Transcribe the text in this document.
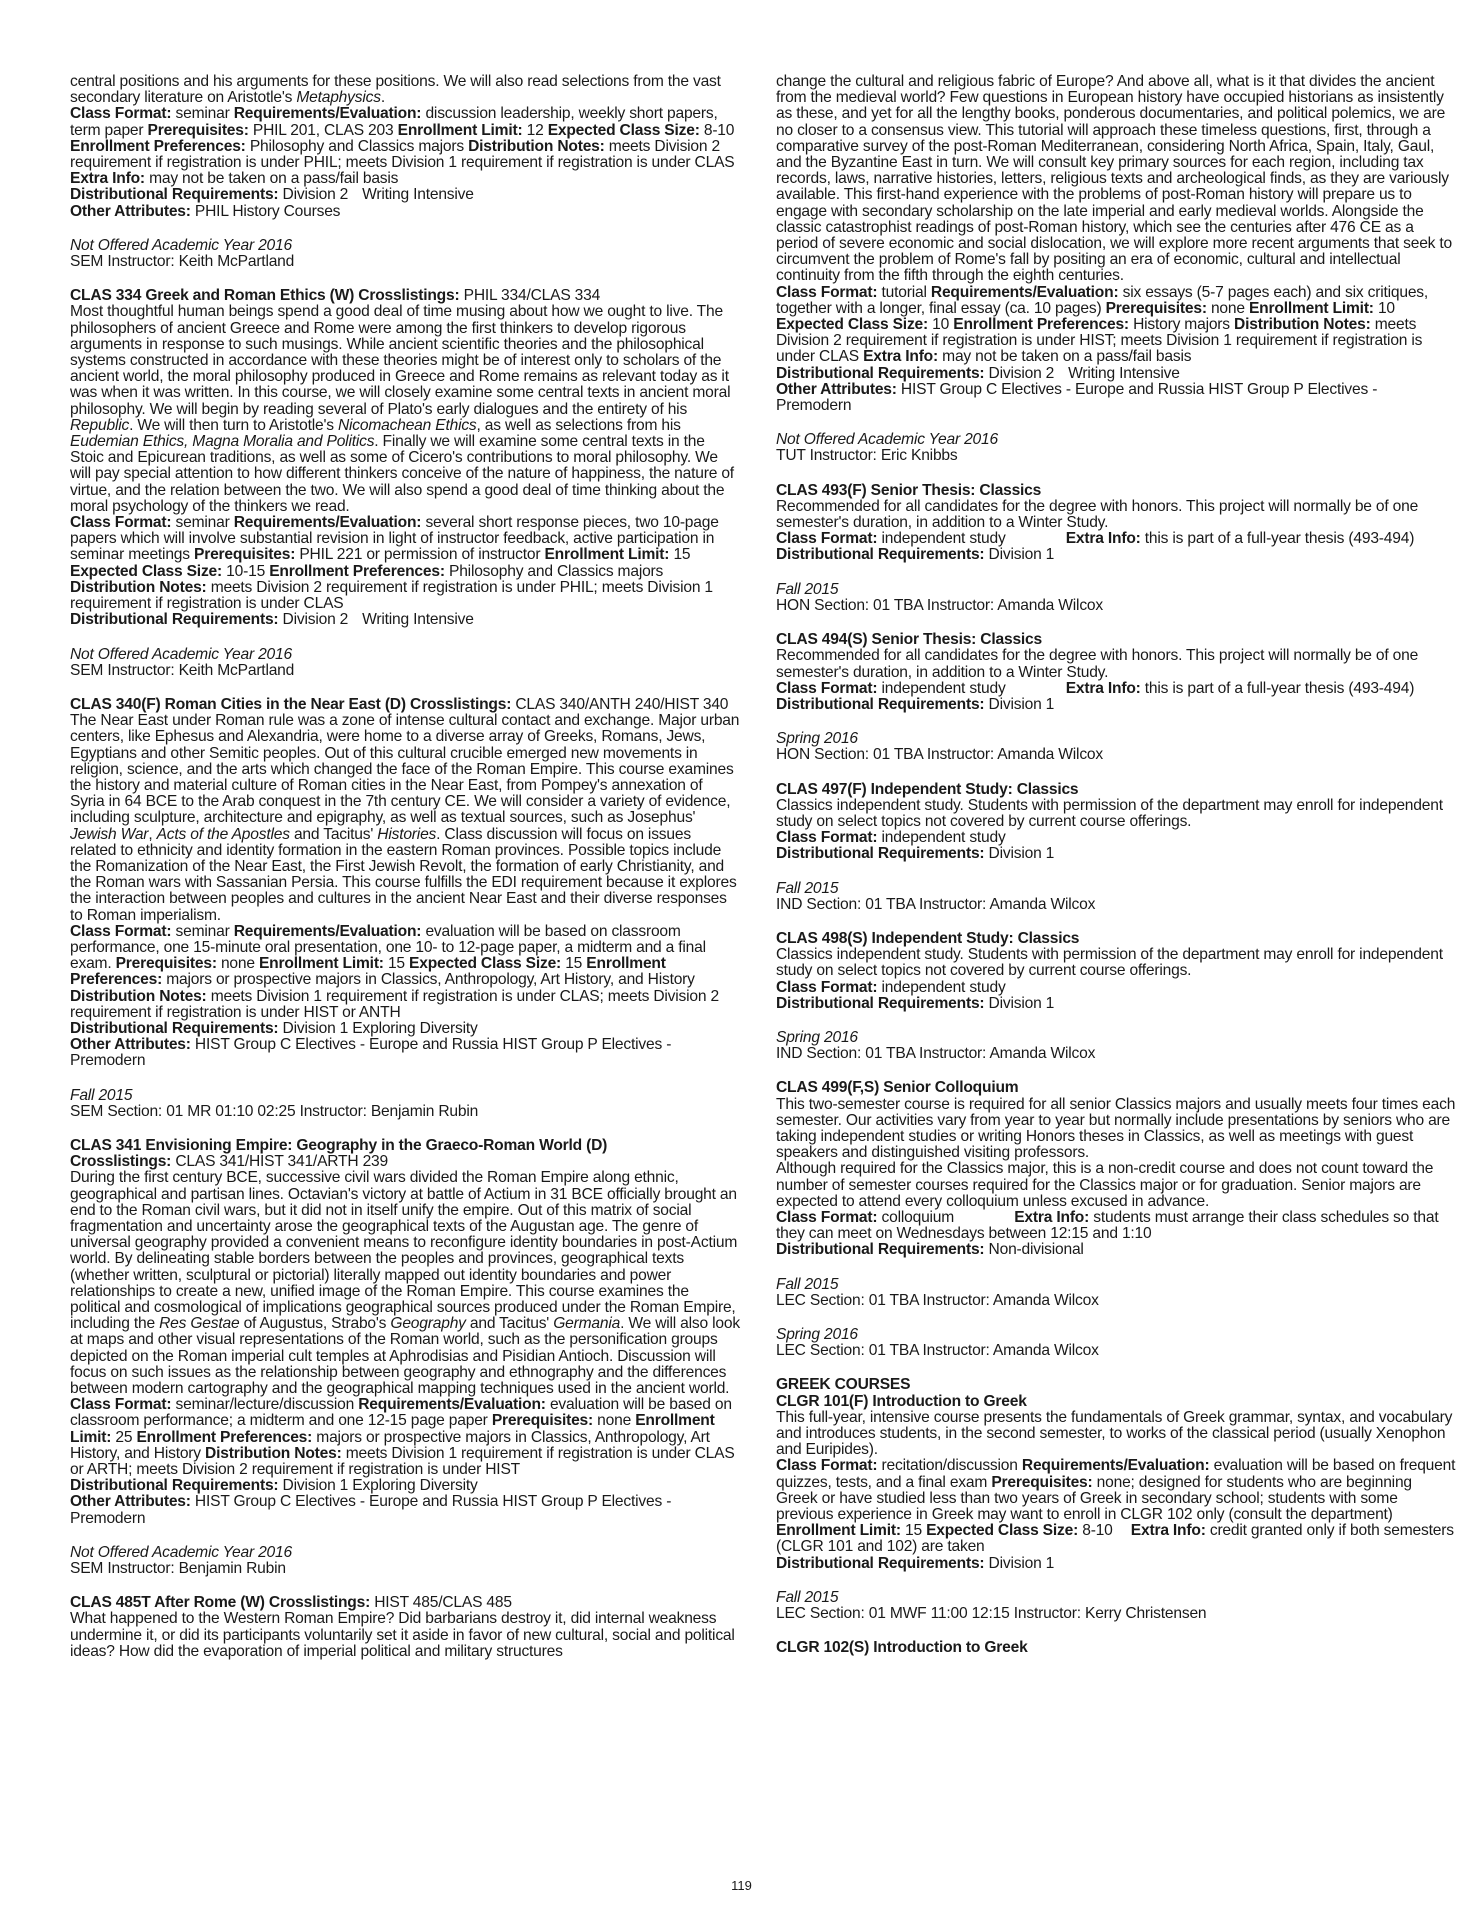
central positions and his arguments for these positions. We will also read selections from the vast secondary literature on Aristotle's Metaphysics.
Class Format: seminar Requirements/Evaluation: discussion leadership, weekly short papers, term paper Prerequisites: PHIL 201, CLAS 203 Enrollment Limit: 12 Expected Class Size: 8-10 Enrollment Preferences: Philosophy and Classics majors Distribution Notes: meets Division 2 requirement if registration is under PHIL; meets Division 1 requirement if registration is under CLAS Extra Info: may not be taken on a pass/fail basis
Distributional Requirements: Division 2 Writing Intensive
Other Attributes: PHIL History Courses
Not Offered Academic Year 2016
SEM Instructor: Keith McPartland
CLAS 334 Greek and Roman Ethics (W) Crosslistings: PHIL 334/CLAS 334
Most thoughtful human beings spend a good deal of time musing about how we ought to live. The philosophers of ancient Greece and Rome were among the first thinkers to develop rigorous arguments in response to such musings. While ancient scientific theories and the philosophical systems constructed in accordance with these theories might be of interest only to scholars of the ancient world, the moral philosophy produced in Greece and Rome remains as relevant today as it was when it was written. In this course, we will closely examine some central texts in ancient moral philosophy. We will begin by reading several of Plato's early dialogues and the entirety of his Republic. We will then turn to Aristotle's Nicomachean Ethics, as well as selections from his Eudemian Ethics, Magna Moralia and Politics. Finally we will examine some central texts in the Stoic and Epicurean traditions, as well as some of Cicero's contributions to moral philosophy. We will pay special attention to how different thinkers conceive of the nature of happiness, the nature of virtue, and the relation between the two. We will also spend a good deal of time thinking about the moral psychology of the thinkers we read.
Class Format: seminar Requirements/Evaluation: several short response pieces, two 10-page papers which will involve substantial revision in light of instructor feedback, active participation in seminar meetings Prerequisites: PHIL 221 or permission of instructor Enrollment Limit: 15 Expected Class Size: 10-15 Enrollment Preferences: Philosophy and Classics majors Distribution Notes: meets Division 2 requirement if registration is under PHIL; meets Division 1 requirement if registration is under CLAS
Distributional Requirements: Division 2 Writing Intensive
Not Offered Academic Year 2016
SEM Instructor: Keith McPartland
CLAS 340(F) Roman Cities in the Near East (D) Crosslistings: CLAS 340/ANTH 240/HIST 340
The Near East under Roman rule was a zone of intense cultural contact and exchange. Major urban centers, like Ephesus and Alexandria, were home to a diverse array of Greeks, Romans, Jews, Egyptians and other Semitic peoples. Out of this cultural crucible emerged new movements in religion, science, and the arts which changed the face of the Roman Empire. This course examines the history and material culture of Roman cities in the Near East, from Pompey's annexation of Syria in 64 BCE to the Arab conquest in the 7th century CE. We will consider a variety of evidence, including sculpture, architecture and epigraphy, as well as textual sources, such as Josephus' Jewish War, Acts of the Apostles and Tacitus' Histories. Class discussion will focus on issues related to ethnicity and identity formation in the eastern Roman provinces. Possible topics include the Romanization of the Near East, the First Jewish Revolt, the formation of early Christianity, and the Roman wars with Sassanian Persia. This course fulfills the EDI requirement because it explores the interaction between peoples and cultures in the ancient Near East and their diverse responses to Roman imperialism.
Class Format: seminar Requirements/Evaluation: evaluation will be based on classroom performance, one 15-minute oral presentation, one 10- to 12-page paper, a midterm and a final exam. Prerequisites: none Enrollment Limit: 15 Expected Class Size: 15 Enrollment Preferences: majors or prospective majors in Classics, Anthropology, Art History, and History Distribution Notes: meets Division 1 requirement if registration is under CLAS; meets Division 2 requirement if registration is under HIST or ANTH
Distributional Requirements: Division 1 Exploring Diversity
Other Attributes: HIST Group C Electives - Europe and Russia HIST Group P Electives - Premodern
Fall 2015
SEM Section: 01 MR 01:10 02:25 Instructor: Benjamin Rubin
CLAS 341 Envisioning Empire: Geography in the Graeco-Roman World (D)
Crosslistings: CLAS 341/HIST 341/ARTH 239
During the first century BCE, successive civil wars divided the Roman Empire along ethnic, geographical and partisan lines. Octavian's victory at battle of Actium in 31 BCE officially brought an end to the Roman civil wars, but it did not in itself unify the empire. Out of this matrix of social fragmentation and uncertainty arose the geographical texts of the Augustan age. The genre of universal geography provided a convenient means to reconfigure identity boundaries in post-Actium world. By delineating stable borders between the peoples and provinces, geographical texts (whether written, sculptural or pictorial) literally mapped out identity boundaries and power relationships to create a new, unified image of the Roman Empire. This course examines the political and cosmological of implications geographical sources produced under the Roman Empire, including the Res Gestae of Augustus, Strabo's Geography and Tacitus' Germania. We will also look at maps and other visual representations of the Roman world, such as the personification groups depicted on the Roman imperial cult temples at Aphrodisias and Pisidian Antioch. Discussion will focus on such issues as the relationship between geography and ethnography and the differences between modern cartography and the geographical mapping techniques used in the ancient world.
Class Format: seminar/lecture/discussion Requirements/Evaluation: evaluation will be based on classroom performance; a midterm and one 12-15 page paper Prerequisites: none Enrollment Limit: 25 Enrollment Preferences: majors or prospective majors in Classics, Anthropology, Art History, and History Distribution Notes: meets Division 1 requirement if registration is under CLAS or ARTH; meets Division 2 requirement if registration is under HIST
Distributional Requirements: Division 1 Exploring Diversity
Other Attributes: HIST Group C Electives - Europe and Russia HIST Group P Electives - Premodern
Not Offered Academic Year 2016
SEM Instructor: Benjamin Rubin
CLAS 485T After Rome (W) Crosslistings: HIST 485/CLAS 485
What happened to the Western Roman Empire? Did barbarians destroy it, did internal weakness undermine it, or did its participants voluntarily set it aside in favor of new cultural, social and political ideas? How did the evaporation of imperial political and military structures
change the cultural and religious fabric of Europe? And above all, what is it that divides the ancient from the medieval world? Few questions in European history have occupied historians as insistently as these, and yet for all the lengthy books, ponderous documentaries, and political polemics, we are no closer to a consensus view. This tutorial will approach these timeless questions, first, through a comparative survey of the post-Roman Mediterranean, considering North Africa, Spain, Italy, Gaul, and the Byzantine East in turn. We will consult key primary sources for each region, including tax records, laws, narrative histories, letters, religious texts and archeological finds, as they are variously available. This first-hand experience with the problems of post-Roman history will prepare us to engage with secondary scholarship on the late imperial and early medieval worlds. Alongside the classic catastrophist readings of post-Roman history, which see the centuries after 476 CE as a period of severe economic and social dislocation, we will explore more recent arguments that seek to circumvent the problem of Rome's fall by positing an era of economic, cultural and intellectual continuity from the fifth through the eighth centuries.
Class Format: tutorial Requirements/Evaluation: six essays (5-7 pages each) and six critiques, together with a longer, final essay (ca. 10 pages) Prerequisites: none Enrollment Limit: 10 Expected Class Size: 10 Enrollment Preferences: History majors Distribution Notes: meets Division 2 requirement if registration is under HIST; meets Division 1 requirement if registration is under CLAS Extra Info: may not be taken on a pass/fail basis
Distributional Requirements: Division 2 Writing Intensive
Other Attributes: HIST Group C Electives - Europe and Russia HIST Group P Electives - Premodern
Not Offered Academic Year 2016
TUT Instructor: Eric Knibbs
CLAS 493(F) Senior Thesis: Classics
Recommended for all candidates for the degree with honors. This project will normally be of one semester's duration, in addition to a Winter Study.
Class Format: independent study	Extra Info: this is part of a full-year thesis (493-494)
Distributional Requirements: Division 1
Fall 2015
HON Section: 01 TBA Instructor: Amanda Wilcox
CLAS 494(S) Senior Thesis: Classics
Recommended for all candidates for the degree with honors. This project will normally be of one semester's duration, in addition to a Winter Study.
Class Format: independent study	Extra Info: this is part of a full-year thesis (493-494)
Distributional Requirements: Division 1
Spring 2016
HON Section: 01 TBA Instructor: Amanda Wilcox
CLAS 497(F) Independent Study: Classics
Classics independent study. Students with permission of the department may enroll for independent study on select topics not covered by current course offerings.
Class Format: independent study
Distributional Requirements: Division 1
Fall 2015
IND Section: 01 TBA Instructor: Amanda Wilcox
CLAS 498(S) Independent Study: Classics
Classics independent study. Students with permission of the department may enroll for independent study on select topics not covered by current course offerings.
Class Format: independent study
Distributional Requirements: Division 1
Spring 2016
IND Section: 01 TBA Instructor: Amanda Wilcox
CLAS 499(F,S) Senior Colloquium

This two-semester course is required for all senior Classics majors and usually meets four times each semester. Our activities vary from year to year but normally include presentations by seniors who are taking independent studies or writing Honors theses in Classics, as well as meetings with guest speakers and distinguished visiting professors.

Although required for the Classics major, this is a non-credit course and does not count toward the number of semester courses required for the Classics major or for graduation. Senior majors are expected to attend every colloquium unless excused in advance.

Class Format: colloquium	Extra Info: students must arrange their class schedules so that they can meet on Wednesdays between 12:15 and 1:10
Distributional Requirements: Non-divisional
Fall 2015
LEC Section: 01 TBA Instructor: Amanda Wilcox
Spring 2016
LEC Section: 01 TBA Instructor: Amanda Wilcox
GREEK COURSES
CLGR 101(F) Introduction to Greek
This full-year, intensive course presents the fundamentals of Greek grammar, syntax, and vocabulary and introduces students, in the second semester, to works of the classical period (usually Xenophon and Euripides).
Class Format: recitation/discussion Requirements/Evaluation: evaluation will be based on frequent quizzes, tests, and a final exam Prerequisites: none; designed for students who are beginning Greek or have studied less than two years of Greek in secondary school; students with some previous experience in Greek may want to enroll in CLGR 102 only (consult the department) Enrollment Limit: 15 Expected Class Size: 8-10 Extra Info: credit granted only if both semesters (CLGR 101 and 102) are taken
Distributional Requirements: Division 1
Fall 2015
LEC Section: 01 MWF 11:00 12:15 Instructor: Kerry Christensen
CLGR 102(S) Introduction to Greek
119
